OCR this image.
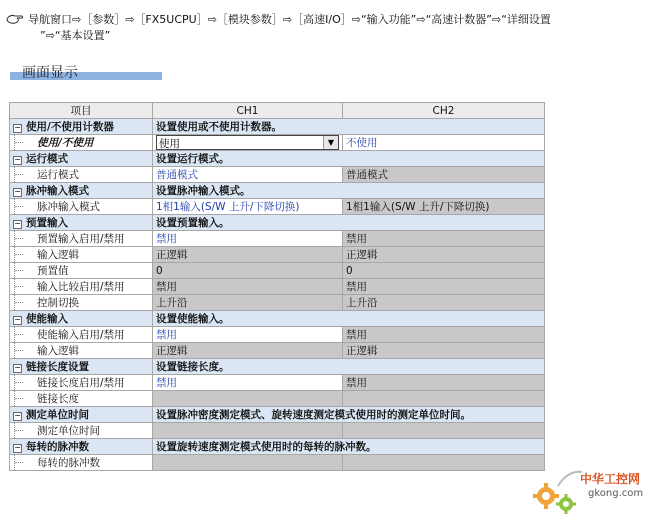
导航窗口⇨［参数］⇨［FX5UCPU］⇨［模块参数］⇨［高速I/O］⇨“输入功能”⇨“高速计数器”⇨“详细设置
”⇨“基本设置”
画面显示
项目	CH1	CH2
− 使用/不使用计数器	设置使用或不使用计数器。	
使用/不使用	使用 ▼	不使用
− 运行模式	设置运行模式。	
运行模式	普通模式	普通模式
− 脉冲输入模式	设置脉冲输入模式。	
脉冲输入模式	1相1输入(S/W 上升/下降切换)	1相1输入(S/W 上升/下降切换)
− 预置输入	设置预置输入。	
预置输入启用/禁用	禁用	禁用
输入逻辑	正逻辑	正逻辑
预置值	0	0
输入比较启用/禁用	禁用	禁用
控制切换	上升沿	上升沿
− 使能输入	设置使能输入。	
使能输入启用/禁用	禁用	禁用
输入逻辑	正逻辑	正逻辑
− 链接长度设置	设置链接长度。	
链接长度启用/禁用	禁用	禁用
链接长度		
− 测定单位时间	设置脉冲密度测定模式、旋转速度测定模式使用时的测定单位时间。	
测定单位时间		
− 每转的脉冲数	设置旋转速度测定模式使用时的每转的脉冲数。	
每转的脉冲数		
中华工控网
gkong.com
